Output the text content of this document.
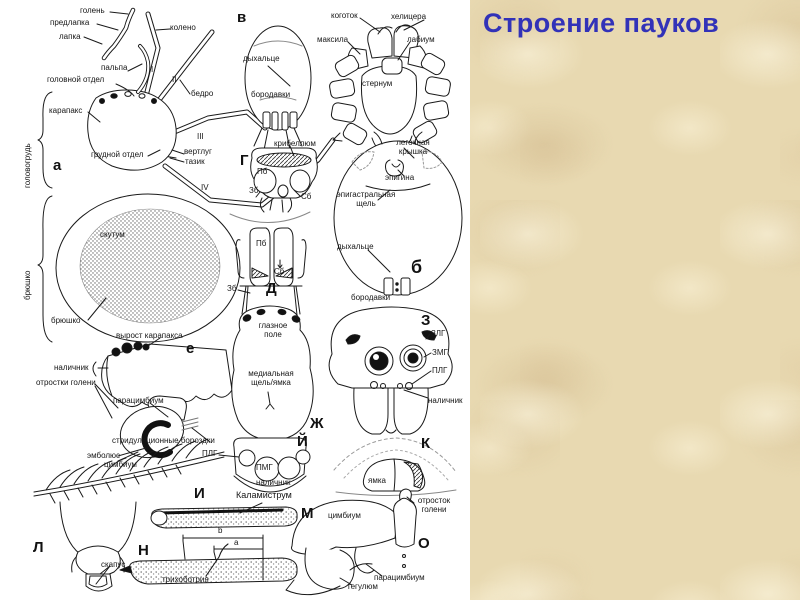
голень
предлапка
лапка
колено
пальпа
головной отдел
карапакс
бедро
I
II
III
вертлуг
тазик
грудной отдел
IV
а
скутум
брюшко
головогрудь
брюшко
в
дыхальце
бородавки
коготок	хелицера
максила	лабиум
стернум
легочная крышка
эпигина
эпигастральная щель
дыхальце
б
бородавки
крибеллюм
Г
Пб
Зб
Сб
Пб
Сб
Зб Д
вырост карапакса
е
наличник
отростки голени
парацимбиум
стридуляционные бороздки
эмболюс
цимбиум
глазное поле
медиальная щель/ямка
Ж
З
ЗЛГ
ЗМГ
ПЛГ
наличник
ПЛГ
ПМГ
наличник
Й	К
ямка
И
Л
скапус
Каламиструм
М
Н
b
a
трихоботрия
цимбиум
отросток голени
О
парацимбиум
тегулюм
Строение пауков
